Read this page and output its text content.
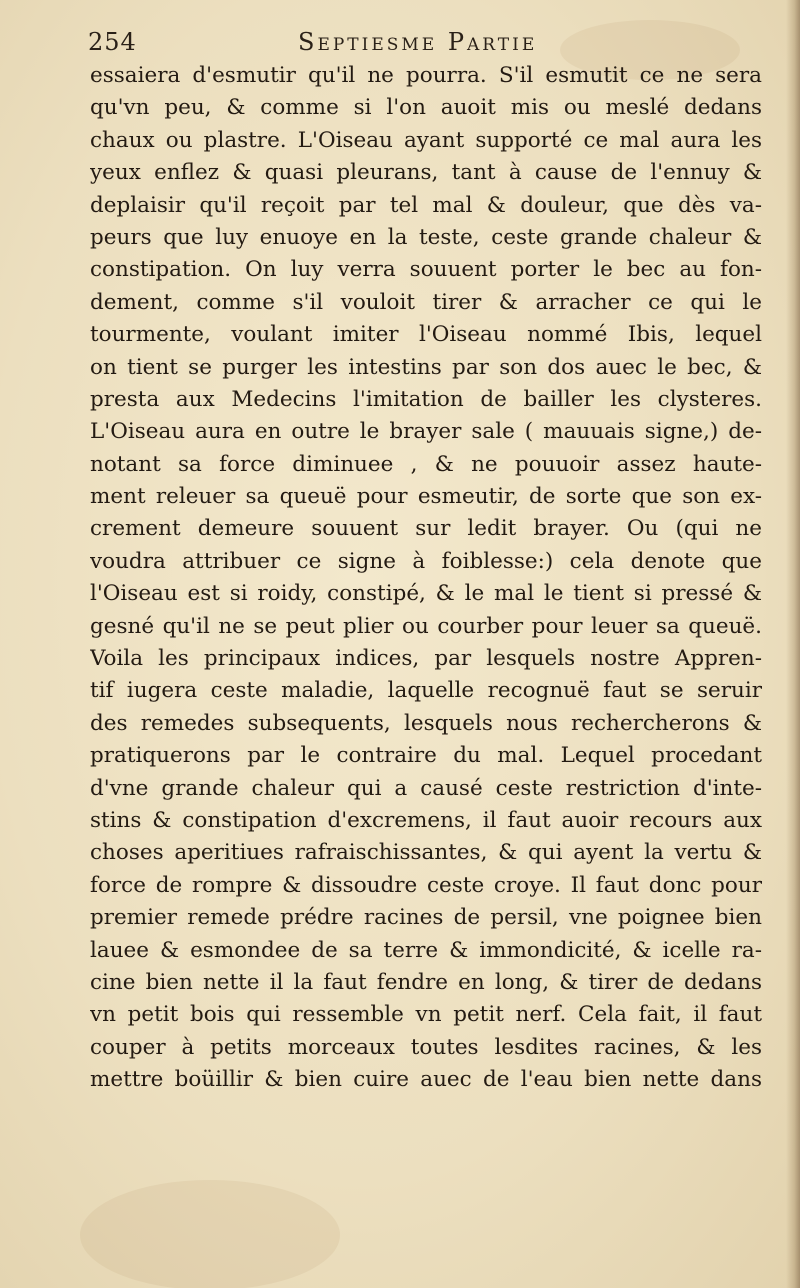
254	Septiesme Partie
essaiera d'esmutir qu'il ne pourra. S'il esmutit ce ne sera
qu'vn peu, & comme si l'on auoit mis ou meslé dedans
chaux ou plastre. L'Oiseau ayant supporté ce mal aura les
yeux enflez & quasi pleurans, tant à cause de l'ennuy &
deplaisir qu'il reçoit par tel mal & douleur, que dès va-
peurs que luy enuoye en la teste, ceste grande chaleur &
constipation. On luy verra souuent porter le bec au fon-
dement, comme s'il vouloit tirer & arracher ce qui le
tourmente, voulant imiter l'Oiseau nommé Ibis, lequel
on tient se purger les intestins par son dos auec le bec, &
presta aux Medecins l'imitation de bailler les clysteres.
L'Oiseau aura en outre le brayer sale ( mauuais signe,) de-
notant sa force diminuee , & ne pouuoir assez haute-
ment releuer sa queuë pour esmeutir, de sorte que son ex-
crement demeure souuent sur ledit brayer. Ou (qui ne
voudra attribuer ce signe à foiblesse:) cela denote que
l'Oiseau est si roidy, constipé, & le mal le tient si pressé &
gesné qu'il ne se peut plier ou courber pour leuer sa queuë.
Voila les principaux indices, par lesquels nostre Appren-
tif iugera ceste maladie, laquelle recognuë faut se seruir
des remedes subsequents, lesquels nous rechercherons &
pratiquerons par le contraire du mal. Lequel procedant
d'vne grande chaleur qui a causé ceste restriction d'inte-
stins & constipation d'excremens, il faut auoir recours aux
choses aperitiues rafraischissantes, & qui ayent la vertu &
force de rompre & dissoudre ceste croye. Il faut donc pour
premier remede prédre racines de persil, vne poignee bien
lauee & esmondee de sa terre & immondicité, & icelle ra-
cine bien nette il la faut fendre en long, & tirer de dedans
vn petit bois qui ressemble vn petit nerf. Cela fait, il faut
couper à petits morceaux toutes lesdites racines, & les
mettre boüillir & bien cuire auec de l'eau bien nette dans
